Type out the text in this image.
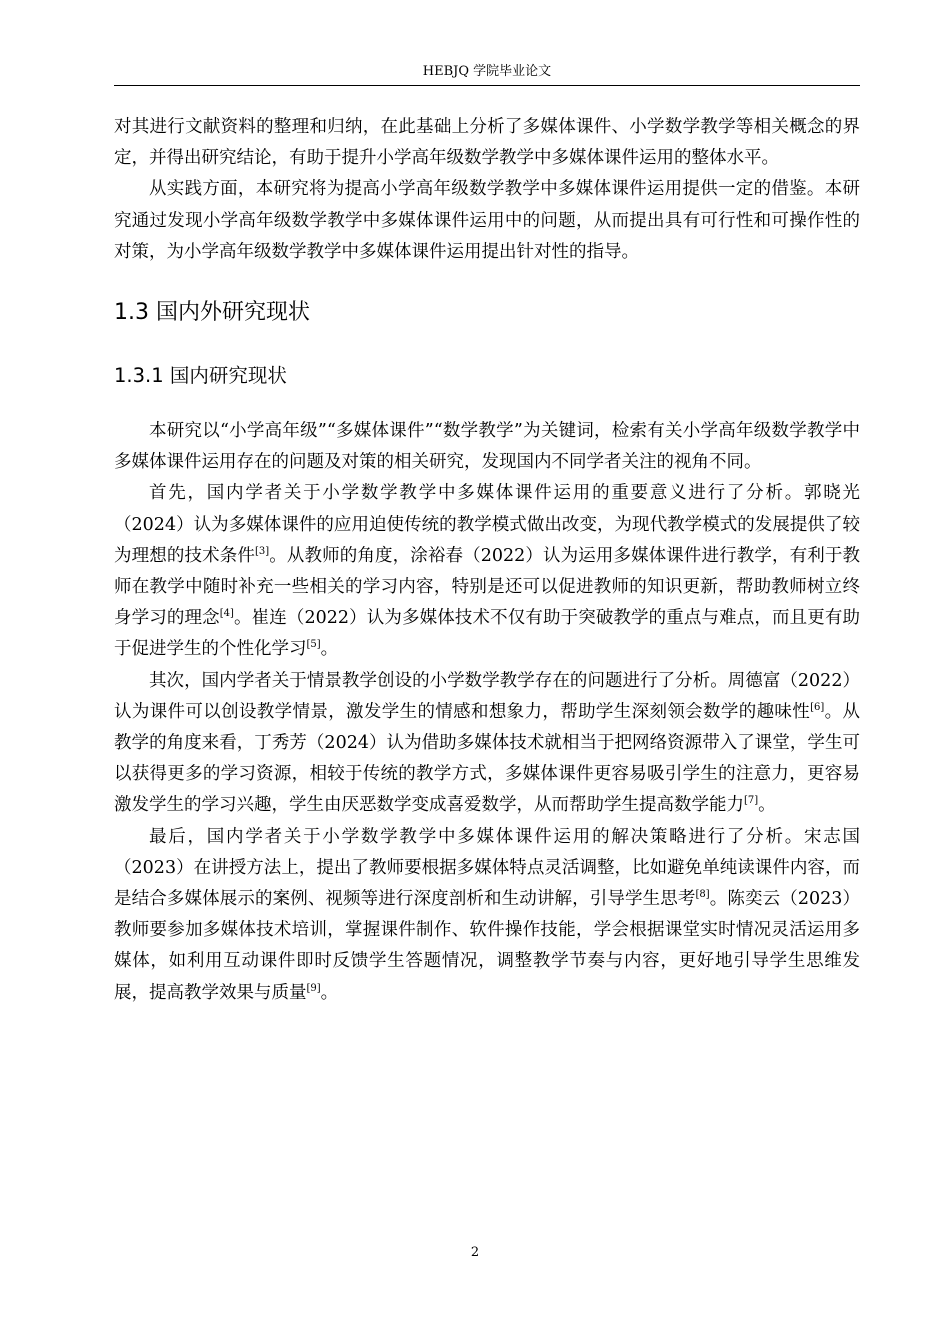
HEBJQ 学院毕业论文

对其进行文献资料的整理和归纳，在此基础上分析了多媒体课件、小学数学教学等相关概念的界定，并得出研究结论，有助于提升小学高年级数学教学中多媒体课件运用的整体水平。

从实践方面，本研究将为提高小学高年级数学教学中多媒体课件运用提供一定的借鉴。本研究通过发现小学高年级数学教学中多媒体课件运用中的问题，从而提出具有可行性和可操作性的对策，为小学高年级数学教学中多媒体课件运用提出针对性的指导。

1.3 国内外研究现状
1.3.1 国内研究现状

本研究以“小学高年级”“多媒体课件”“数学教学”为关键词，检索有关小学高年级数学教学中多媒体课件运用存在的问题及对策的相关研究，发现国内不同学者关注的视角不同。

首先，国内学者关于小学数学教学中多媒体课件运用的重要意义进行了分析。郭晓光（2024）认为多媒体课件的应用迫使传统的教学模式做出改变，为现代教学模式的发展提供了较为理想的技术条件[3]。从教师的角度，涂裕春（2022）认为运用多媒体课件进行教学，有利于教师在教学中随时补充一些相关的学习内容，特别是还可以促进教师的知识更新，帮助教师树立终身学习的理念[4]。崔连（2022）认为多媒体技术不仅有助于突破教学的重点与难点，而且更有助于促进学生的个性化学习[5]。

其次，国内学者关于情景教学创设的小学数学教学存在的问题进行了分析。周德富（2022）认为课件可以创设教学情景，激发学生的情感和想象力，帮助学生深刻领会数学的趣味性[6]。从教学的角度来看，丁秀芳（2024）认为借助多媒体技术就相当于把网络资源带入了课堂，学生可以获得更多的学习资源，相较于传统的教学方式，多媒体课件更容易吸引学生的注意力，更容易激发学生的学习兴趣，学生由厌恶数学变成喜爱数学，从而帮助学生提高数学能力[7]。

最后，国内学者关于小学数学教学中多媒体课件运用的解决策略进行了分析。宋志国（2023）在讲授方法上，提出了教师要根据多媒体特点灵活调整，比如避免单纯读课件内容，而是结合多媒体展示的案例、视频等进行深度剖析和生动讲解，引导学生思考[8]。陈奕云（2023）教师要参加多媒体技术培训，掌握课件制作、软件操作技能，学会根据课堂实时情况灵活运用多媒体，如利用互动课件即时反馈学生答题情况，调整教学节奏与内容，更好地引导学生思维发展，提高教学效果与质量[9]。

2
